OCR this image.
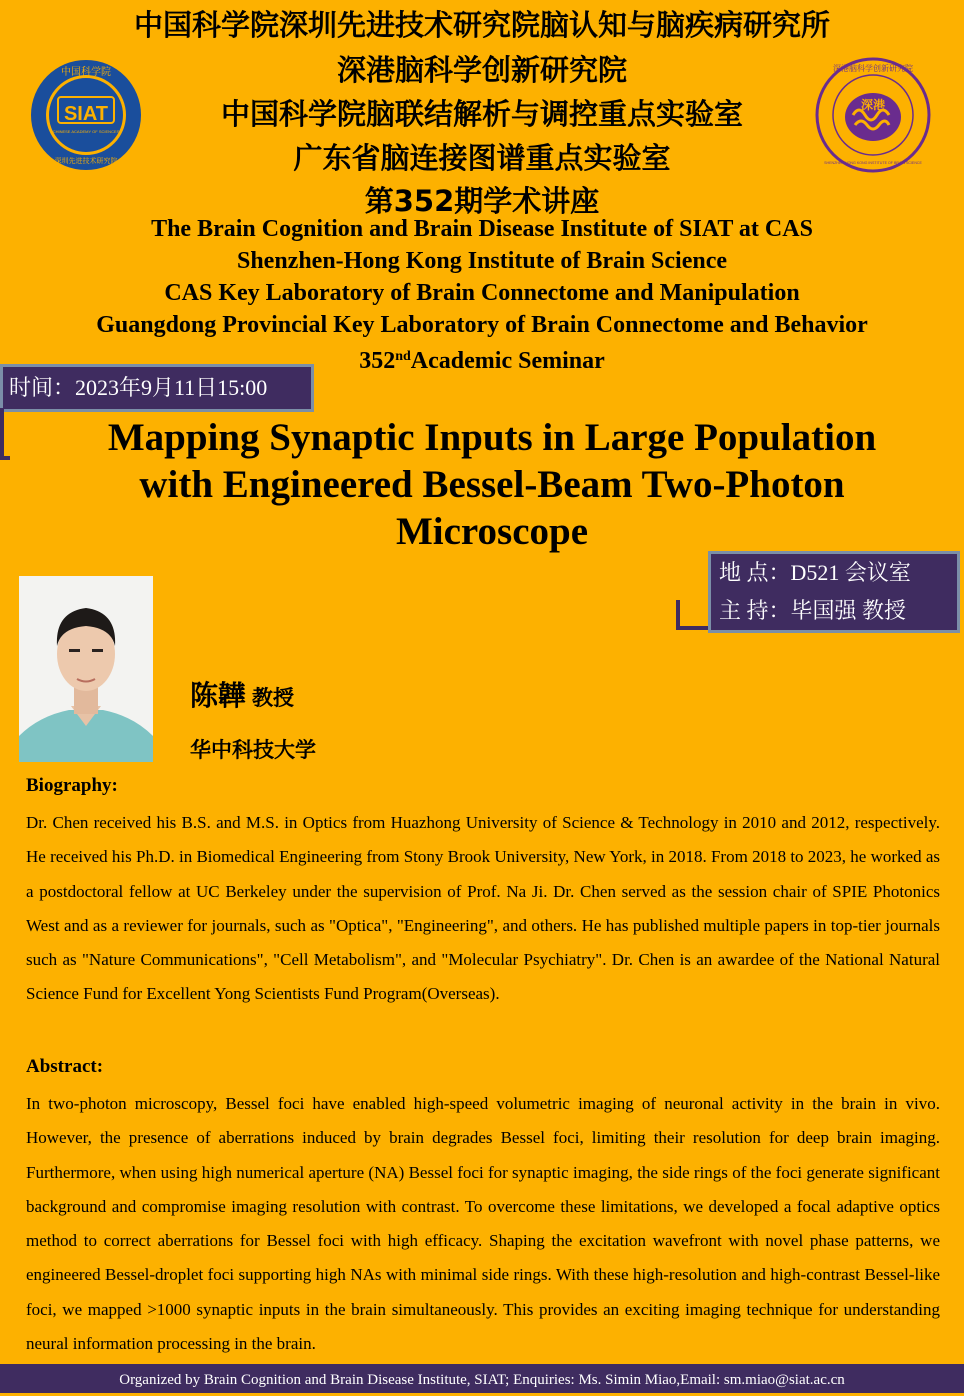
中国科学院深圳先进技术研究院脑认知与脑疾病研究所
深港脑科学创新研究院
中国科学院脑联结解析与调控重点实验室
广东省脑连接图谱重点实验室
第352期学术讲座
SIAT
中国科学院
CHINESE ACADEMY OF SCIENCES
深圳先进技术研究院
深港
深港脑科学创新研究院
SHENZHEN-HONG KONG INSTITUTE OF BRAIN SCIENCE
The Brain Cognition and Brain Disease Institute of SIAT at CAS
Shenzhen-Hong Kong Institute of Brain Science
CAS Key Laboratory of Brain Connectome and Manipulation
Guangdong Provincial Key Laboratory of Brain Connectome and Behavior
352ndAcademic Seminar
时间：2023年9月11日15:00
Mapping Synaptic Inputs in Large Population
with Engineered Bessel-Beam Two-Photon
Microscope
地 点：D521 会议室
主 持：毕国强 教授
陈韡 教授
华中科技大学
Biography:
Dr. Chen received his B.S. and M.S. in Optics from Huazhong University of Science & Technology in 2010 and 2012, respectively. He received his Ph.D. in Biomedical Engineering from Stony Brook University, New York, in 2018. From 2018 to 2023, he worked as a postdoctoral fellow at UC Berkeley under the supervision of Prof. Na Ji. Dr. Chen served as the session chair of SPIE Photonics West and as a reviewer for journals, such as "Optica", "Engineering", and others. He has published multiple papers in top-tier journals such as "Nature Communications", "Cell Metabolism", and "Molecular Psychiatry". Dr. Chen is an awardee of the National Natural Science Fund for Excellent Yong Scientists Fund Program(Overseas).
Abstract:
In two-photon microscopy, Bessel foci have enabled high-speed volumetric imaging of neuronal activity in the brain in vivo. However, the presence of aberrations induced by brain degrades Bessel foci, limiting their resolution for deep brain imaging. Furthermore, when using high numerical aperture (NA) Bessel foci for synaptic imaging, the side rings of the foci generate significant background and compromise imaging resolution with contrast. To overcome these limitations, we developed a focal adaptive optics method to correct aberrations for Bessel foci with high efficacy. Shaping the excitation wavefront with novel phase patterns, we engineered Bessel-droplet foci supporting high NAs with minimal side rings. With these high-resolution and high-contrast Bessel-like foci, we mapped >1000 synaptic inputs in the brain simultaneously. This provides an exciting imaging technique for understanding neural information processing in the brain.
Organized by Brain Cognition and Brain Disease Institute, SIAT; Enquiries: Ms. Simin Miao,Email: sm.miao@siat.ac.cn
